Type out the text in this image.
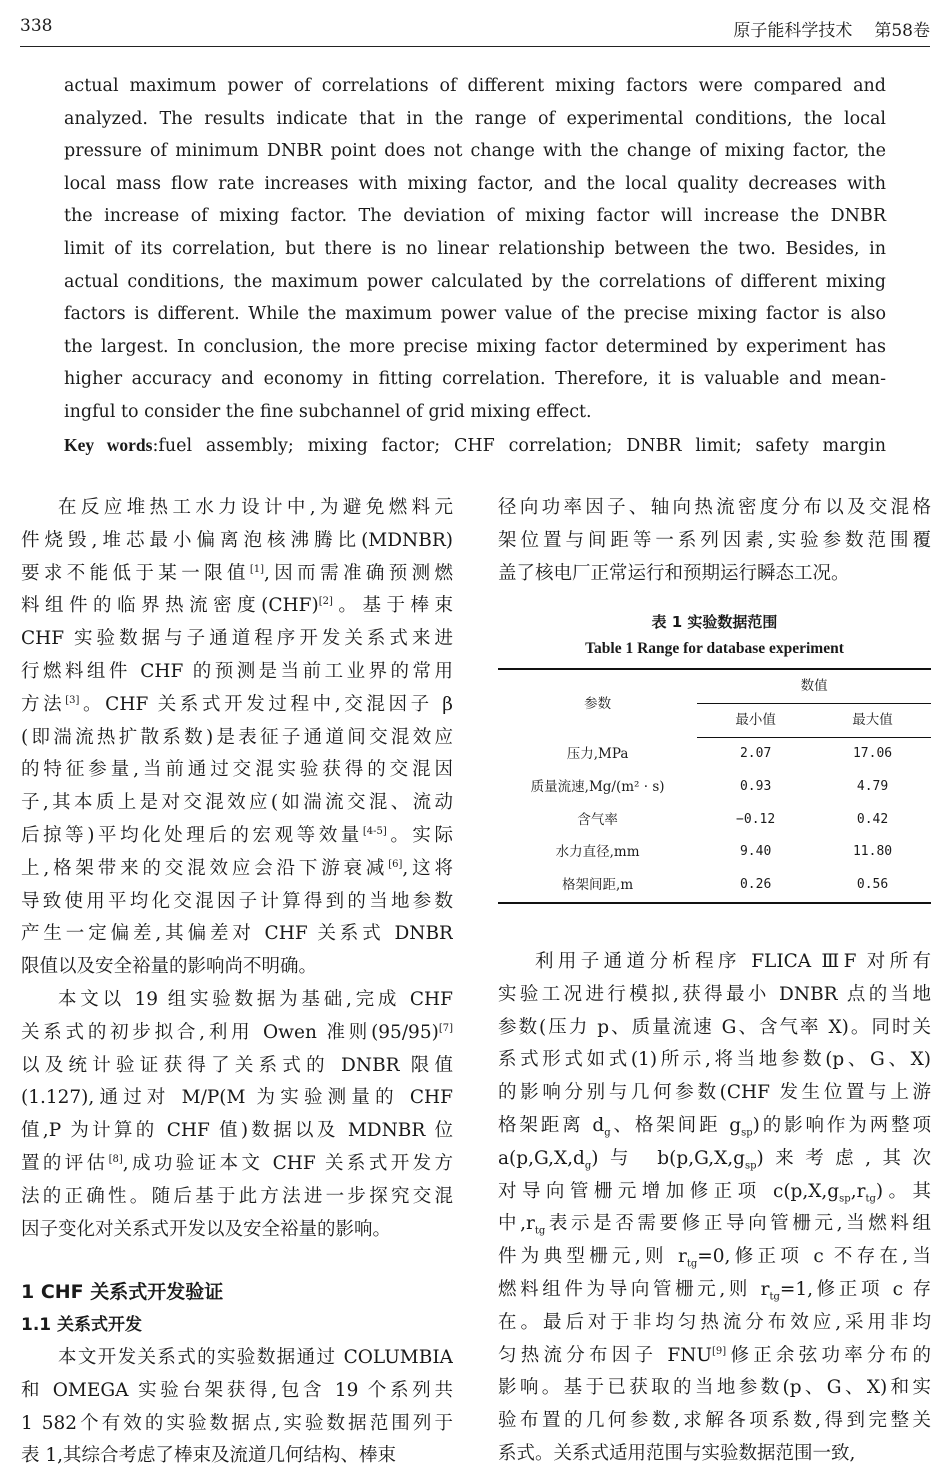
338	原子能科学技术 第58卷
actual maximum power of correlations of different mixing factors were compared and
analyzed. The results indicate that in the range of experimental conditions, the local
pressure of minimum DNBR point does not change with the change of mixing factor, the
local mass flow rate increases with mixing factor, and the local quality decreases with
the increase of mixing factor. The deviation of mixing factor will increase the DNBR
limit of its correlation, but there is no linear relationship between the two. Besides, in
actual conditions, the maximum power calculated by the correlations of different mixing
factors is different. While the maximum power value of the precise mixing factor is also
the largest. In conclusion, the more precise mixing factor determined by experiment has
higher accuracy and economy in fitting correlation. Therefore, it is valuable and mean-
ingful to consider the fine subchannel of grid mixing effect.
Key words:fuel assembly; mixing factor; CHF correlation; DNBR limit; safety margin
在反应堆热工水力设计中,为避免燃料元
件烧毁,堆芯最小偏离泡核沸腾比(MDNBR)
要求不能低于某一限值[1],因而需准确预测燃
料组件的临界热流密度(CHF)[2]。基于棒束
CHF 实验数据与子通道程序开发关系式来进
行燃料组件 CHF 的预测是当前工业界的常用
方法[3]。CHF 关系式开发过程中,交混因子 β
(即湍流热扩散系数)是表征子通道间交混效应
的特征参量,当前通过交混实验获得的交混因
子,其本质上是对交混效应(如湍流交混、流动
后掠等)平均化处理后的宏观等效量[4-5]。实际
上,格架带来的交混效应会沿下游衰减[6],这将
导致使用平均化交混因子计算得到的当地参数
产生一定偏差,其偏差对 CHF 关系式 DNBR
限值以及安全裕量的影响尚不明确。
本文以 19 组实验数据为基础,完成 CHF
关系式的初步拟合,利用 Owen 准则(95/95)[7]
以及统计验证获得了关系式的 DNBR 限值
(1.127),通过对 M/P(M 为实验测量的 CHF
值,P 为计算的 CHF 值)数据以及 MDNBR 位
置的评估[8],成功验证本文 CHF 关系式开发方
法的正确性。随后基于此方法进一步探究交混
因子变化对关系式开发以及安全裕量的影响。
1 CHF 关系式开发验证
1.1 关系式开发
本文开发关系式的实验数据通过 COLUMBIA
和 OMEGA 实验台架获得,包含 19 个系列共
1 582个有效的实验数据点,实验数据范围列于
表 1,其综合考虑了棒束及流道几何结构、棒束
径向功率因子、轴向热流密度分布以及交混格
架位置与间距等一系列因素,实验参数范围覆
盖了核电厂正常运行和预期运行瞬态工况。
表 1 实验数据范围
Table 1 Range for database experiment
参数	数值	
	最小值	最大值
压力,MPa	2.07	17.06
质量流速,Mg/(m² · s)	0.93	4.79
含气率	−0.12	0.42
水力直径,mm	9.40	11.80
格架间距,m	0.26	0.56
利用子通道分析程序 FLICA ⅢF 对所有
实验工况进行模拟,获得最小 DNBR 点的当地
参数(压力 p、质量流速 G、含气率 X)。同时关
系式形式如式(1)所示,将当地参数(p、G、X)
的影响分别与几何参数(CHF 发生位置与上游
格架距离 $d_g$、格架间距 $g_{sp}$)的影响作为两整项
$a(p,G,X,d_g)$与 $b(p,G,X,g_{sp})$来考虑,其次
对导向管栅元增加修正项 $c(p,X,g_{sp},r_{tg})$。其
中$,r_{tg}$表示是否需要修正导向管栅元,当燃料组
件为典型栅元,则 $r_{tg}=0$,修正项 c 不存在,当
燃料组件为导向管栅元,则 $r_{tg}=1$,修正项 c 存
在。最后对于非均匀热流分布效应,采用非均
匀热流分布因子 FNU[9]修正余弦功率分布的
影响。基于已获取的当地参数(p、G、X)和实
验布置的几何参数,求解各项系数,得到完整关
系式。关系式适用范围与实验数据范围一致,
